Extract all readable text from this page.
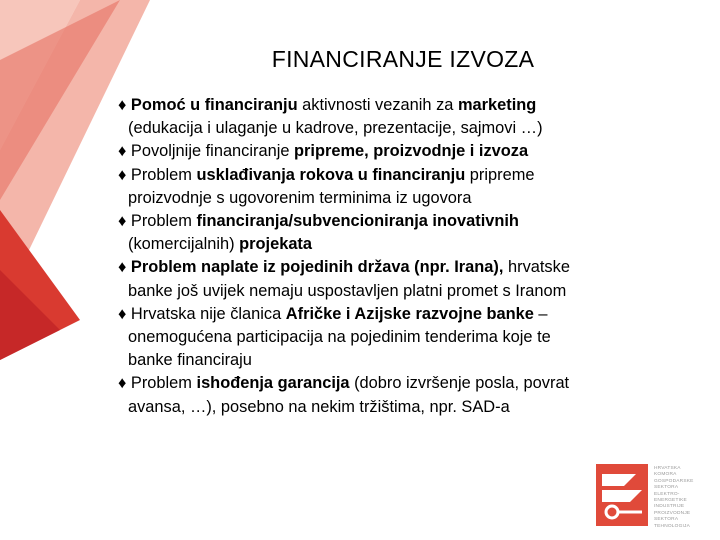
FINANCIRANJE IZVOZA
♦ Pomoć u financiranju aktivnosti vezanih za marketing
(edukacija i ulaganje u kadrove, prezentacije, sajmovi …)
♦ Povoljnije financiranje pripreme, proizvodnje i izvoza
♦ Problem usklađivanja rokova u financiranju pripreme
proizvodnje s ugovorenim terminima iz ugovora
♦ Problem financiranja/subvencioniranja inovativnih
(komercijalnih) projekata
♦ Problem naplate iz pojedinih država (npr. Irana), hrvatske
banke još uvijek nemaju uspostavljen platni promet s Iranom
♦ Hrvatska nije članica Afričke i Azijske razvojne banke –
onemogućena participacija na pojedinim tenderima koje te
banke financiraju
♦ Problem ishođenja garancija (dobro izvršenje posla, povrat
avansa, …), posebno na nekim tržištima, npr. SAD-a
HRVATSKA
KOMORA
GOSPODARSKE
SEKTORA
ELEKTRO-
ENERGETIKE
INDUSTRIJE
PROIZVODNJE
SEKTORA
TEHNOLOGIJA
